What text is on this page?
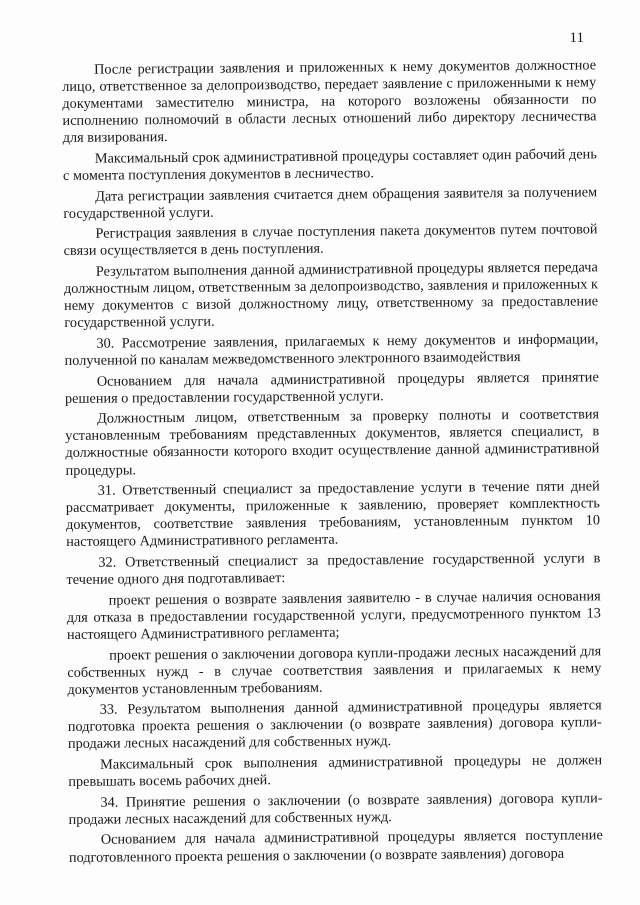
11

После регистрации заявления и приложенных к нему документов должностное лицо, ответственное за делопроизводство, передает заявление с приложенными к нему документами заместителю министра, на которого возложены обязанности по исполнению полномочий в области лесных отношений либо директору лесничества для визирования.

Максимальный срок административной процедуры составляет один рабочий день с момента поступления документов в лесничество.

Дата регистрации заявления считается днем обращения заявителя за получением государственной услуги.

Регистрация заявления в случае поступления пакета документов путем почтовой связи осуществляется в день поступления.

Результатом выполнения данной административной процедуры является передача должностным лицом, ответственным за делопроизводство, заявления и приложенных к нему документов с визой должностному лицу, ответственному за предоставление государственной услуги.

30. Рассмотрение заявления, прилагаемых к нему документов и информации, полученной по каналам межведомственного электронного взаимодействия

Основанием для начала административной процедуры является принятие решения о предоставлении государственной услуги.

Должностным лицом, ответственным за проверку полноты и соответствия установленным требованиям представленных документов, является специалист, в должностные обязанности которого входит осуществление данной административной процедуры.

31. Ответственный специалист за предоставление услуги в течение пяти дней рассматривает документы, приложенные к заявлению, проверяет комплектность документов, соответствие заявления требованиям, установленным пунктом 10 настоящего Административного регламента.

32. Ответственный специалист за предоставление государственной услуги в течение одного дня подготавливает:

проект решения о возврате заявления заявителю - в случае наличия основания для отказа в предоставлении государственной услуги, предусмотренного пунктом 13 настоящего Административного регламента;

проект решения о заключении договора купли-продажи лесных насаждений для собственных нужд - в случае соответствия заявления и прилагаемых к нему документов установленным требованиям.

33. Результатом выполнения данной административной процедуры является подготовка проекта решения о заключении (о возврате заявления) договора купли-продажи лесных насаждений для собственных нужд.

Максимальный срок выполнения административной процедуры не должен превышать восемь рабочих дней.

34. Принятие решения о заключении (о возврате заявления) договора купли-продажи лесных насаждений для собственных нужд.

Основанием для начала административной процедуры является поступление подготовленного проекта решения о заключении (о возврате заявления) договора
